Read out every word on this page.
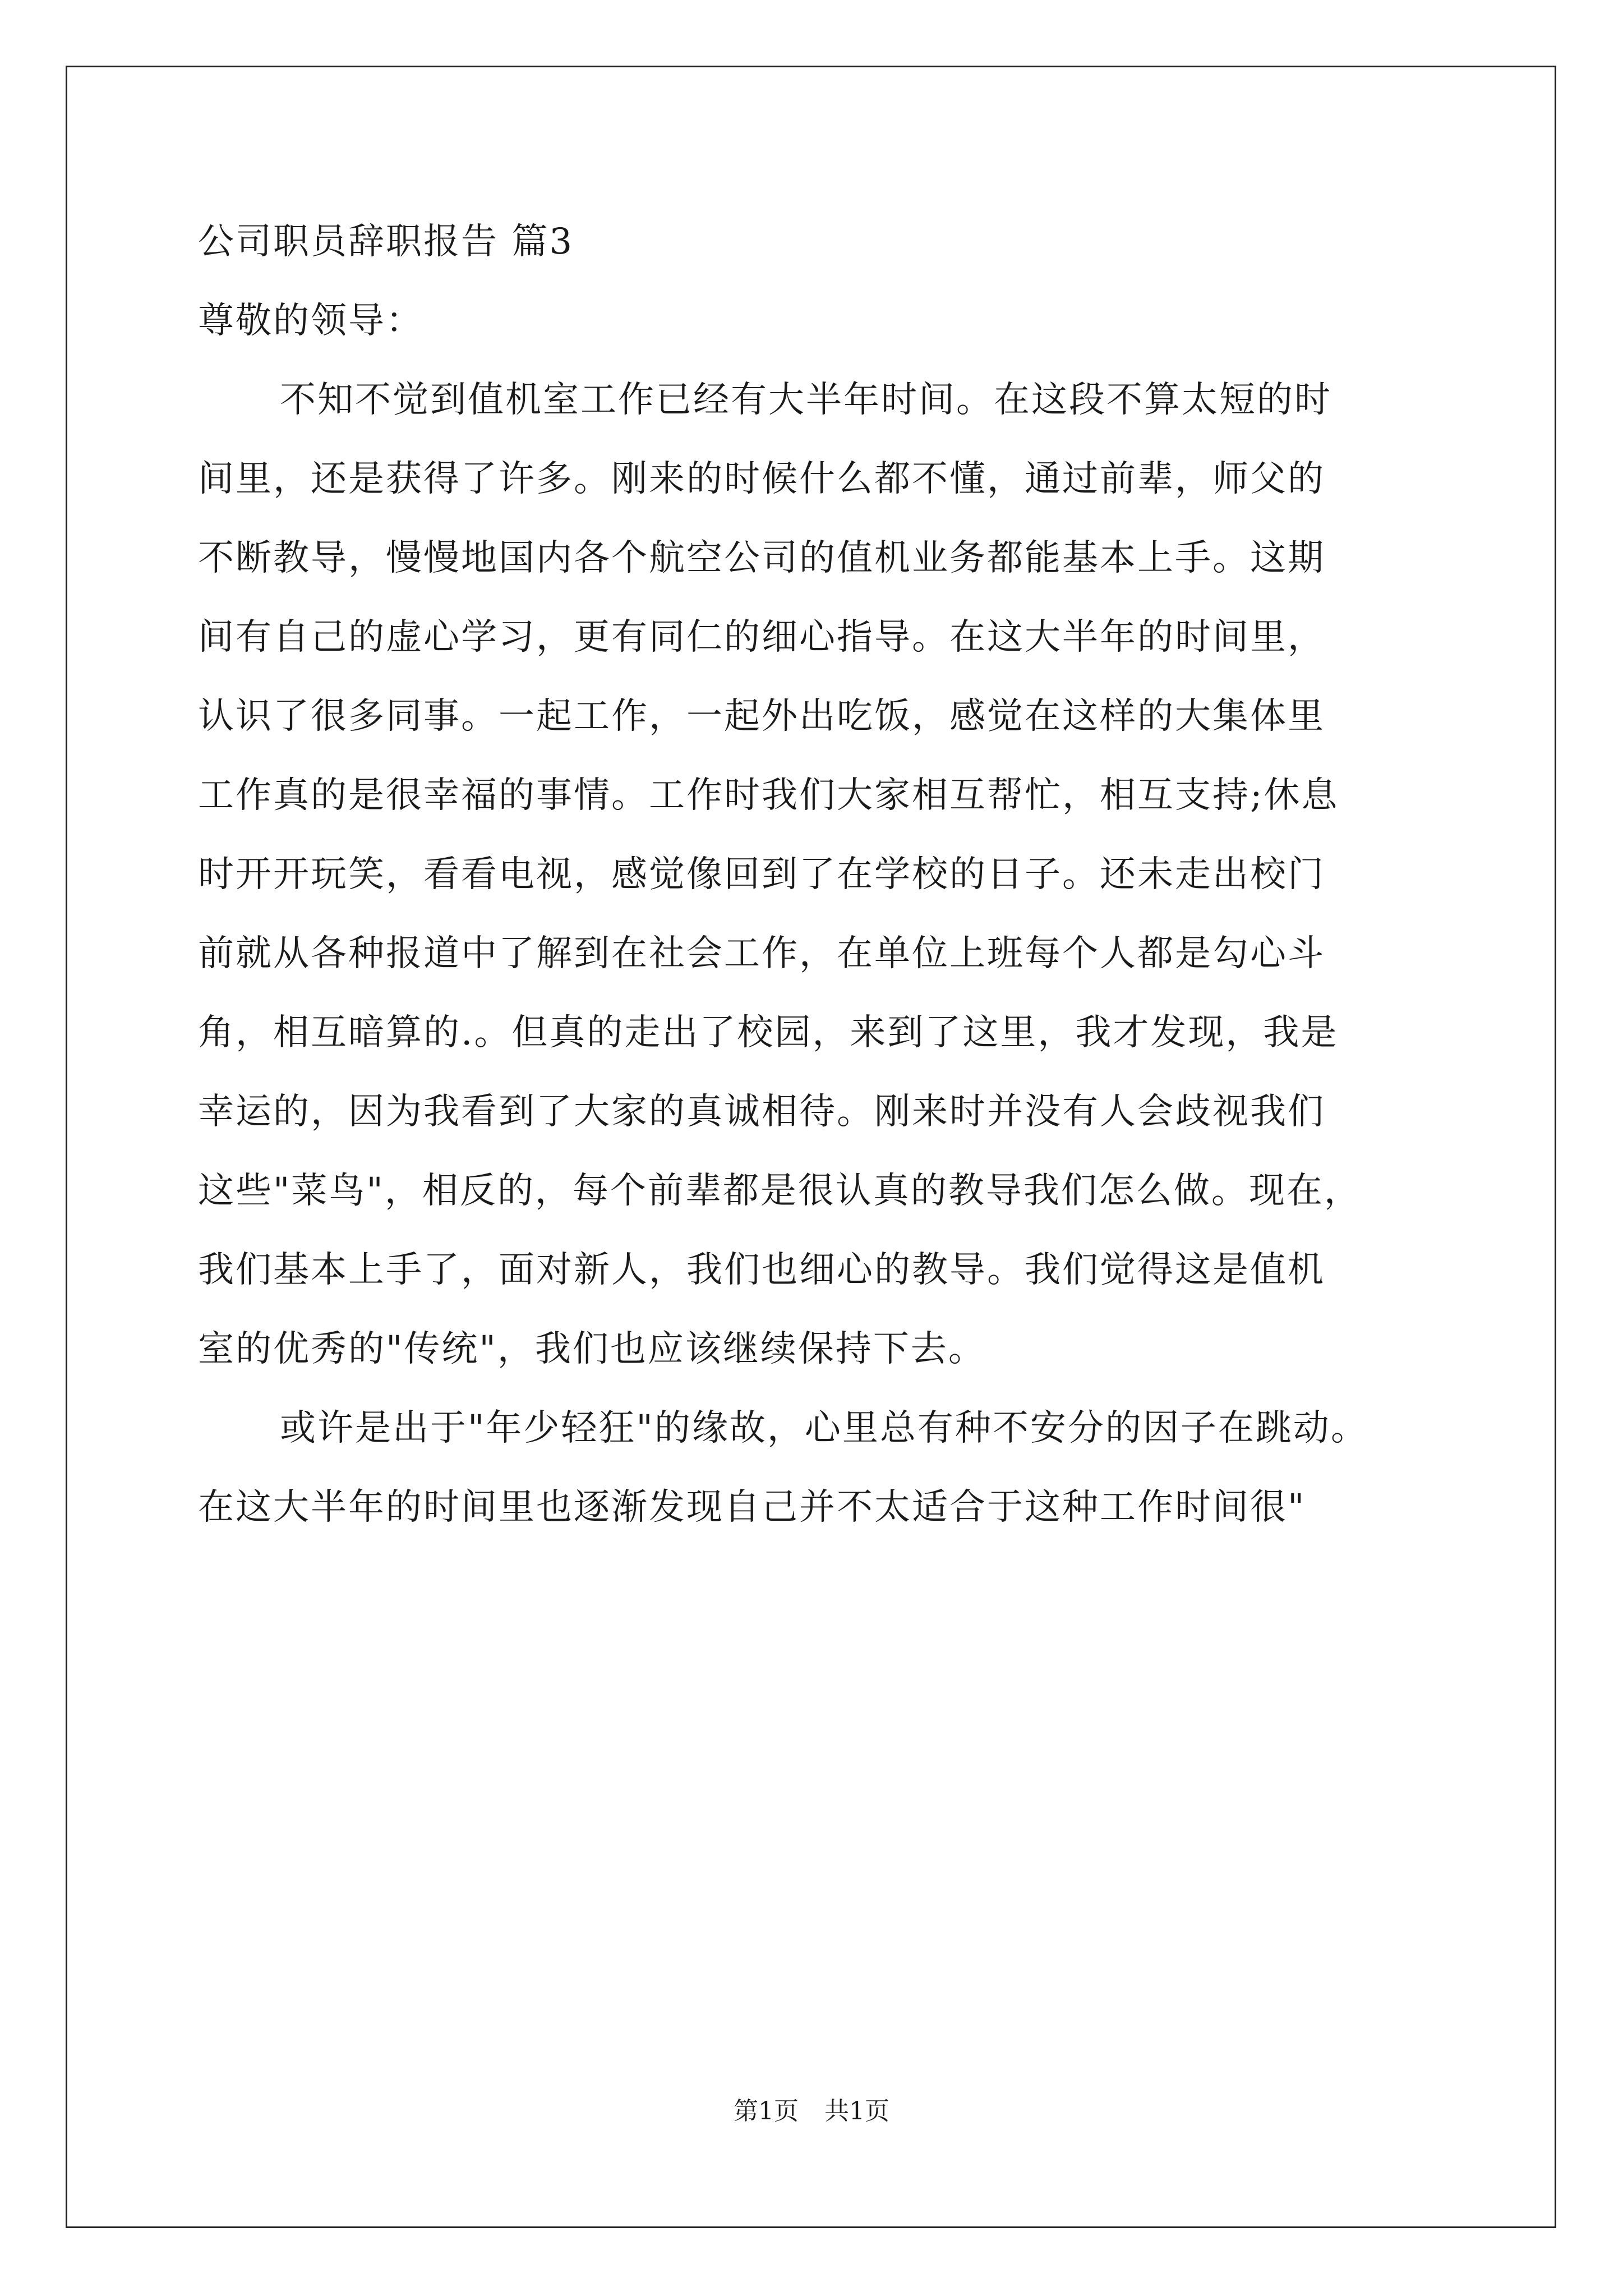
公司职员辞职报告 篇3
尊敬的领导：
不知不觉到值机室工作已经有大半年时间。在这段不算太短的时
间里，还是获得了许多。刚来的时候什么都不懂，通过前辈，师父的
不断教导，慢慢地国内各个航空公司的值机业务都能基本上手。这期
间有自己的虚心学习，更有同仁的细心指导。在这大半年的时间里，
认识了很多同事。一起工作，一起外出吃饭，感觉在这样的大集体里
工作真的是很幸福的事情。工作时我们大家相互帮忙，相互支持;休息
时开开玩笑，看看电视，感觉像回到了在学校的日子。还未走出校门
前就从各种报道中了解到在社会工作，在单位上班每个人都是勾心斗
角，相互暗算的.。但真的走出了校园，来到了这里，我才发现，我是
幸运的，因为我看到了大家的真诚相待。刚来时并没有人会歧视我们
这些"菜鸟"，相反的，每个前辈都是很认真的教导我们怎么做。现在，
我们基本上手了，面对新人，我们也细心的教导。我们觉得这是值机
室的优秀的"传统"，我们也应该继续保持下去。
或许是出于"年少轻狂"的缘故，心里总有种不安分的因子在跳动。
在这大半年的时间里也逐渐发现自己并不太适合于这种工作时间很"
第1页 共1页
